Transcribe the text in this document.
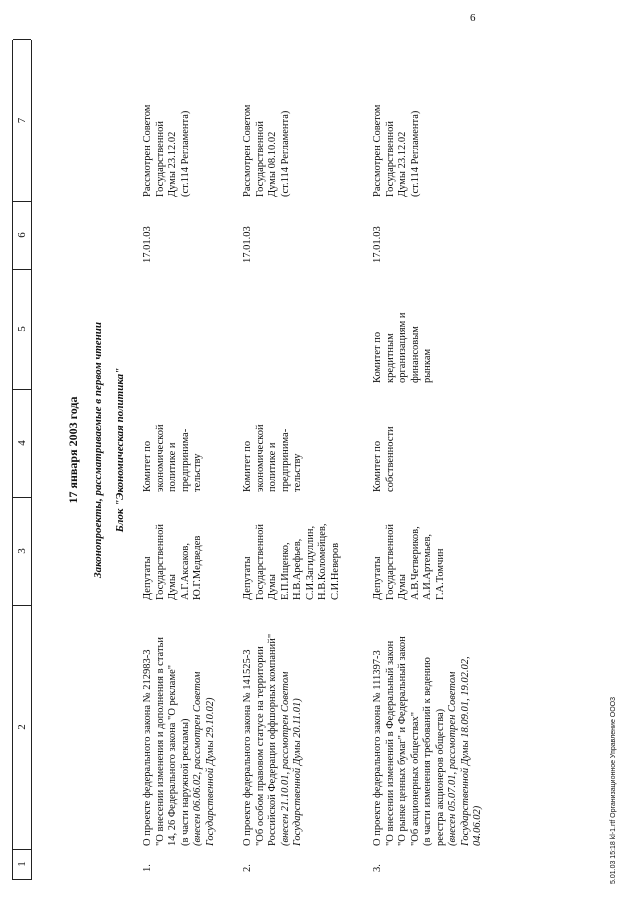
1
2
3
4
5
6
7
17 января 2003 года Законопроекты, рассматриваемые в первом чтении Блок "Экономическая политика"
1.
О проекте федерального закона № 212983-3 "О внесении изменения и дополнения в статьи 14, 26 Федерального закона "О рекламе" (в части наружной рекламы) (внесен 06.06.02, рассмотрен Советом Государственной Думы 29.10.02)
Депутаты Государственной Думы А.Г.Аксаков, Ю.Г.Медведев
Комитет по экономической политике и предпринима- тельству
17.01.03
Рассмотрен Советом Государственной Думы 23.12.02 (ст.114 Регламента)
2.
О проекте федерального закона № 141525-3 "Об особом правовом статусе на территории Российской Федерации оффшорных компаний" (внесен 21.10.01, рассмотрен Советом Государственной Думы 20.11.01)
Депутаты Государственной Думы Е.П.Ищенко, Н.В.Арефьев, С.И.Загидуллин, Н.В.Коломейцев, С.И.Неверов
Комитет по экономической политике и предпринима- тельству
17.01.03
Рассмотрен Советом Государственной Думы 08.10.02 (ст.114 Регламента)
3.
О проекте федерального закона № 111397-3 "О внесении изменений в Федеральный закон "О рынке ценных бумаг" и Федеральный закон "Об акционерных обществах" (в части изменения требований к ведению реестра акционеров общества) (внесен 05.07.01, рассмотрен Советом Государственной Думы 18.09.01, 19.02.02, 04.06.02)
Депутаты Государственной Думы А.В.Четвериков, А.И.Артемьев, Г.А.Томчин
Комитет по собственности
Комитет по кредитным организациям и финансовым рынкам
17.01.03
Рассмотрен Советом Государственной Думы 23.12.02 (ст.114 Регламента)
5.01.03 15:18 kl-1.rtf Организационное Управление ООО3
6
